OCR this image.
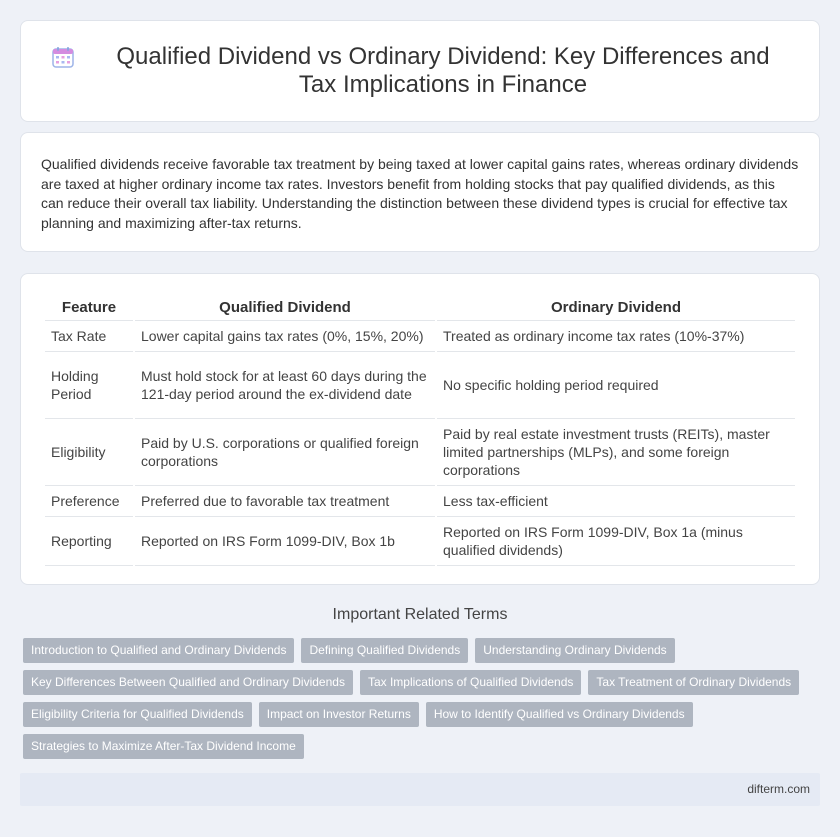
Qualified Dividend vs Ordinary Dividend: Key Differences and Tax Implications in Finance

Qualified dividends receive favorable tax treatment by being taxed at lower capital gains rates, whereas ordinary dividends are taxed at higher ordinary income tax rates. Investors benefit from holding stocks that pay qualified dividends, as this can reduce their overall tax liability. Understanding the distinction between these dividend types is crucial for effective tax planning and maximizing after-tax returns.

Feature	Qualified Dividend	Ordinary Dividend
Tax Rate	Lower capital gains tax rates (0%, 15%, 20%)	Treated as ordinary income tax rates (10%-37%)
Holding Period	Must hold stock for at least 60 days during the 121-day period around the ex-dividend date	No specific holding period required
Eligibility	Paid by U.S. corporations or qualified foreign corporations	Paid by real estate investment trusts (REITs), master limited partnerships (MLPs), and some foreign corporations
Preference	Preferred due to favorable tax treatment	Less tax-efficient
Reporting	Reported on IRS Form 1099-DIV, Box 1b	Reported on IRS Form 1099-DIV, Box 1a (minus qualified dividends)
Important Related Terms
Introduction to Qualified and Ordinary Dividends	Defining Qualified Dividends	Understanding Ordinary Dividends
Key Differences Between Qualified and Ordinary Dividends	Tax Implications of Qualified Dividends	Tax Treatment of Ordinary Dividends
Eligibility Criteria for Qualified Dividends	Impact on Investor Returns	How to Identify Qualified vs Ordinary Dividends
Strategies to Maximize After-Tax Dividend Income
difterm.com
